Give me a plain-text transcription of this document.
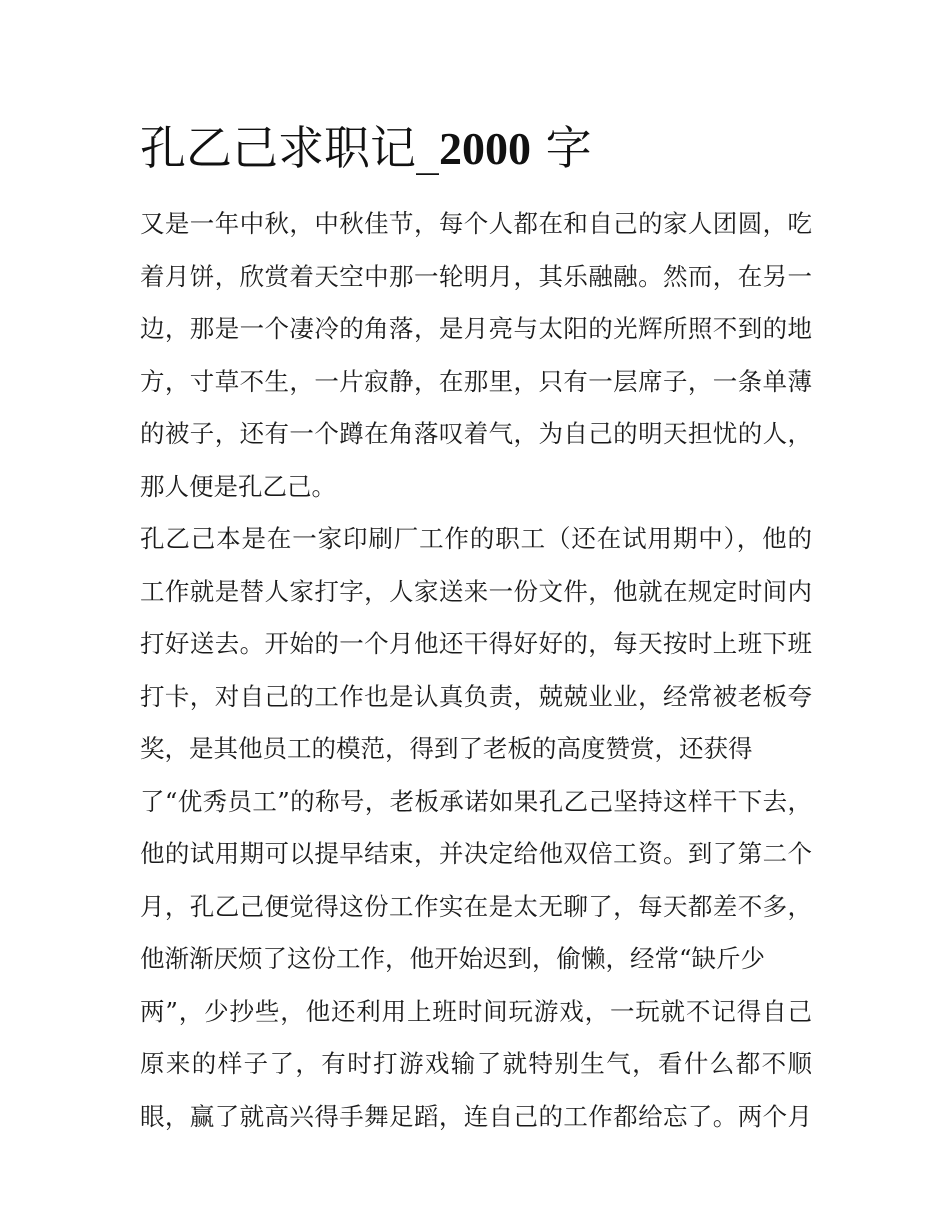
孔乙己求职记_2000 字
又是一年中秋，中秋佳节，每个人都在和自己的家人团圆，吃
着月饼，欣赏着天空中那一轮明月，其乐融融。然而，在另一
边，那是一个凄冷的角落，是月亮与太阳的光辉所照不到的地
方，寸草不生，一片寂静，在那里，只有一层席子，一条单薄
的被子，还有一个蹲在角落叹着气，为自己的明天担忧的人，
那人便是孔乙己。
孔乙己本是在一家印刷厂工作的职工（还在试用期中），他的
工作就是替人家打字，人家送来一份文件，他就在规定时间内
打好送去。开始的一个月他还干得好好的，每天按时上班下班
打卡，对自己的工作也是认真负责，兢兢业业，经常被老板夸
奖，是其他员工的模范，得到了老板的高度赞赏，还获得
了“优秀员工”的称号，老板承诺如果孔乙己坚持这样干下去，
他的试用期可以提早结束，并决定给他双倍工资。到了第二个
月，孔乙己便觉得这份工作实在是太无聊了，每天都差不多，
他渐渐厌烦了这份工作，他开始迟到，偷懒，经常“缺斤少
两”，少抄些，他还利用上班时间玩游戏，一玩就不记得自己
原来的样子了，有时打游戏输了就特别生气，看什么都不顺
眼，赢了就高兴得手舞足蹈，连自己的工作都给忘了。两个月
